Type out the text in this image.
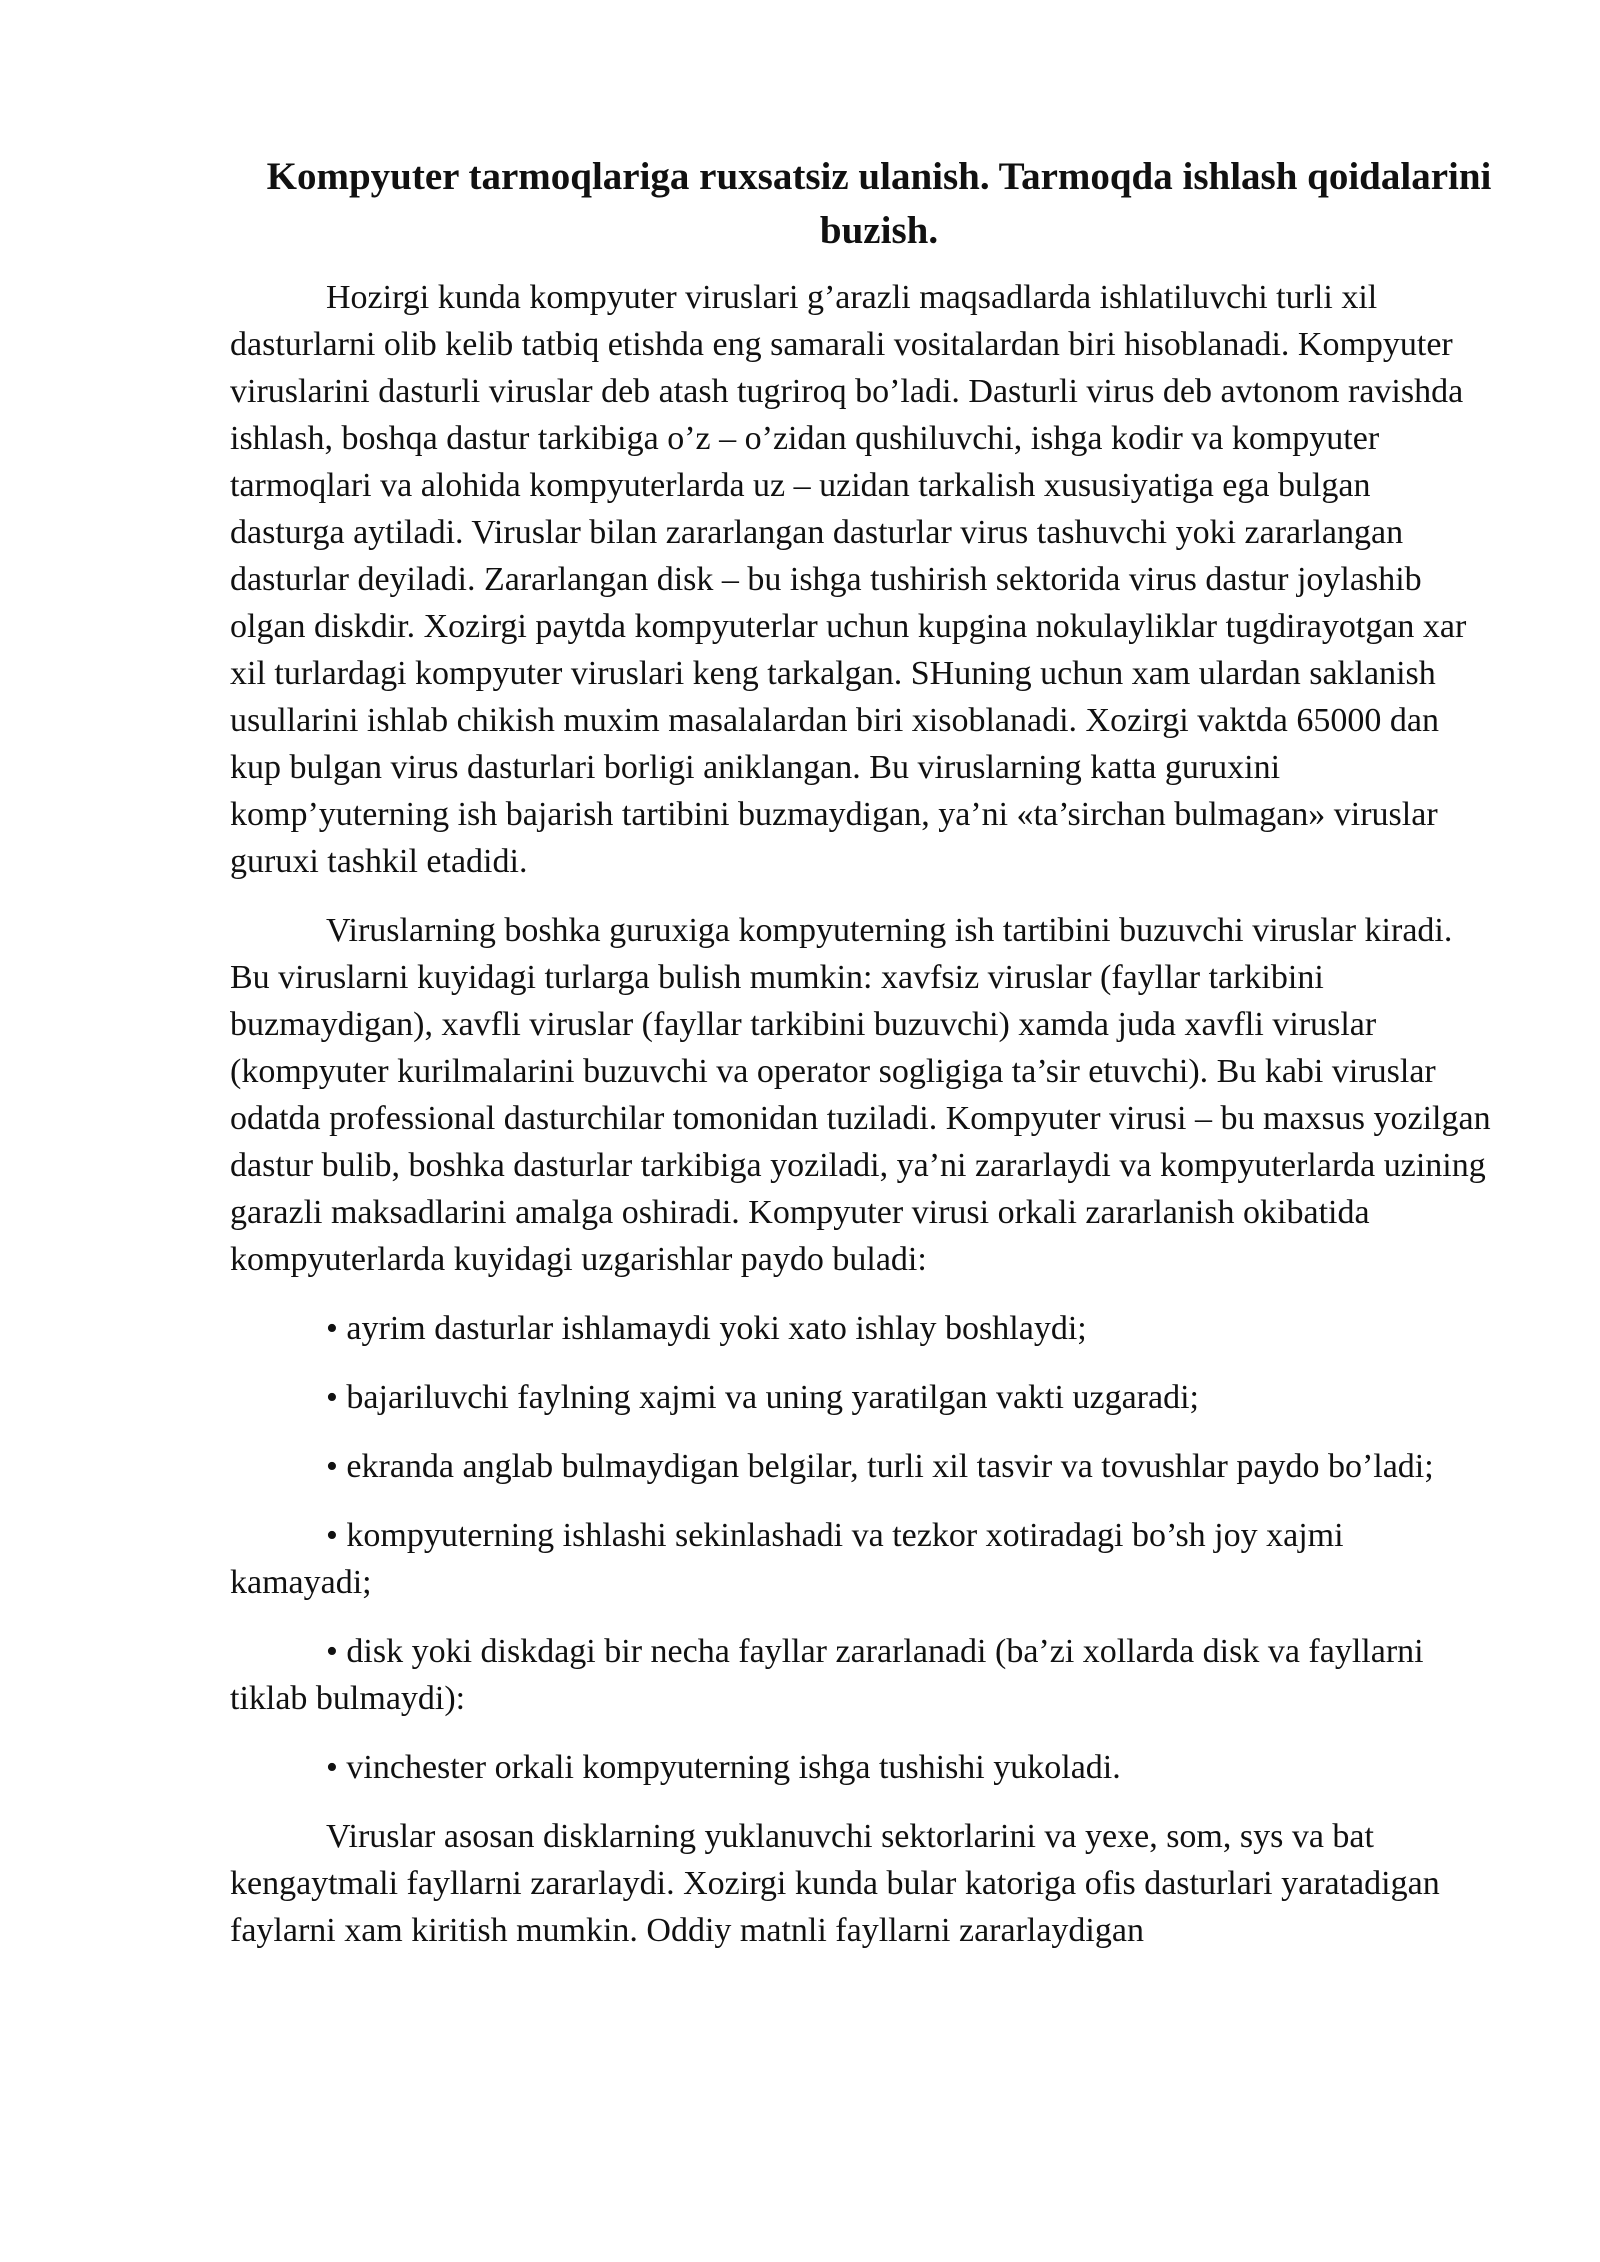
Kompyuter tarmoqlariga ruxsatsiz ulanish. Tarmoqda ishlash qoidalarini buzish.

Hozirgi kunda kompyuter viruslari g’arazli maqsadlarda ishlatiluvchi turli xil dasturlarni olib kelib tatbiq etishda eng samarali vositalardan biri hisoblanadi. Kompyuter viruslarini dasturli viruslar deb atash tugriroq bo’ladi. Dasturli virus deb avtonom ravishda ishlash, boshqa dastur tarkibiga o’z – o’zidan qushiluvchi, ishga kodir va kompyuter tarmoqlari va alohida kompyuterlarda uz – uzidan tarkalish xususiyatiga ega bulgan dasturga aytiladi. Viruslar bilan zararlangan dasturlar virus tashuvchi yoki zararlangan dasturlar deyiladi. Zararlangan disk – bu ishga tushirish sektorida virus dastur joylashib olgan diskdir. Xozirgi paytda kompyuterlar uchun kupgina nokulayliklar tugdirayotgan xar xil turlardagi kompyuter viruslari keng tarkalgan. SHuning uchun xam ulardan saklanish usullarini ishlab chikish muxim masalalardan biri xisoblanadi. Xozirgi vaktda 65000 dan kup bulgan virus dasturlari borligi aniklangan. Bu viruslarning katta guruxini komp’yuterning ish bajarish tartibini buzmaydigan, ya’ni «ta’sirchan bulmagan» viruslar guruxi tashkil etadidi.

Viruslarning boshka guruxiga kompyuterning ish tartibini buzuvchi viruslar kiradi. Bu viruslarni kuyidagi turlarga bulish mumkin: xavfsiz viruslar (fayllar tarkibini buzmaydigan), xavfli viruslar (fayllar tarkibini buzuvchi) xamda juda xavfli viruslar (kompyuter kurilmalarini buzuvchi va operator sogligiga ta’sir etuvchi). Bu kabi viruslar odatda professional dasturchilar tomonidan tuziladi. Kompyuter virusi – bu maxsus yozilgan dastur bulib, boshka dasturlar tarkibiga yoziladi, ya’ni zararlaydi va kompyuterlarda uzining garazli maksadlarini amalga oshiradi. Kompyuter virusi orkali zararlanish okibatida kompyuterlarda kuyidagi uzgarishlar paydo buladi:

• ayrim dasturlar ishlamaydi yoki xato ishlay boshlaydi;

• bajariluvchi faylning xajmi va uning yaratilgan vakti uzgaradi;

• ekranda anglab bulmaydigan belgilar, turli xil tasvir va tovushlar paydo bo’ladi;

• kompyuterning ishlashi sekinlashadi va tezkor xotiradagi bo’sh joy xajmi kamayadi;

• disk yoki diskdagi bir necha fayllar zararlanadi (ba’zi xollarda disk va fayllarni tiklab bulmaydi):

• vinchester orkali kompyuterning ishga tushishi yukoladi.

Viruslar asosan disklarning yuklanuvchi sektorlarini va yexe, som, sys va bat kengaytmali fayllarni zararlaydi. Xozirgi kunda bular katoriga ofis dasturlari yaratadigan faylarni xam kiritish mumkin. Oddiy matnli fayllarni zararlaydigan
